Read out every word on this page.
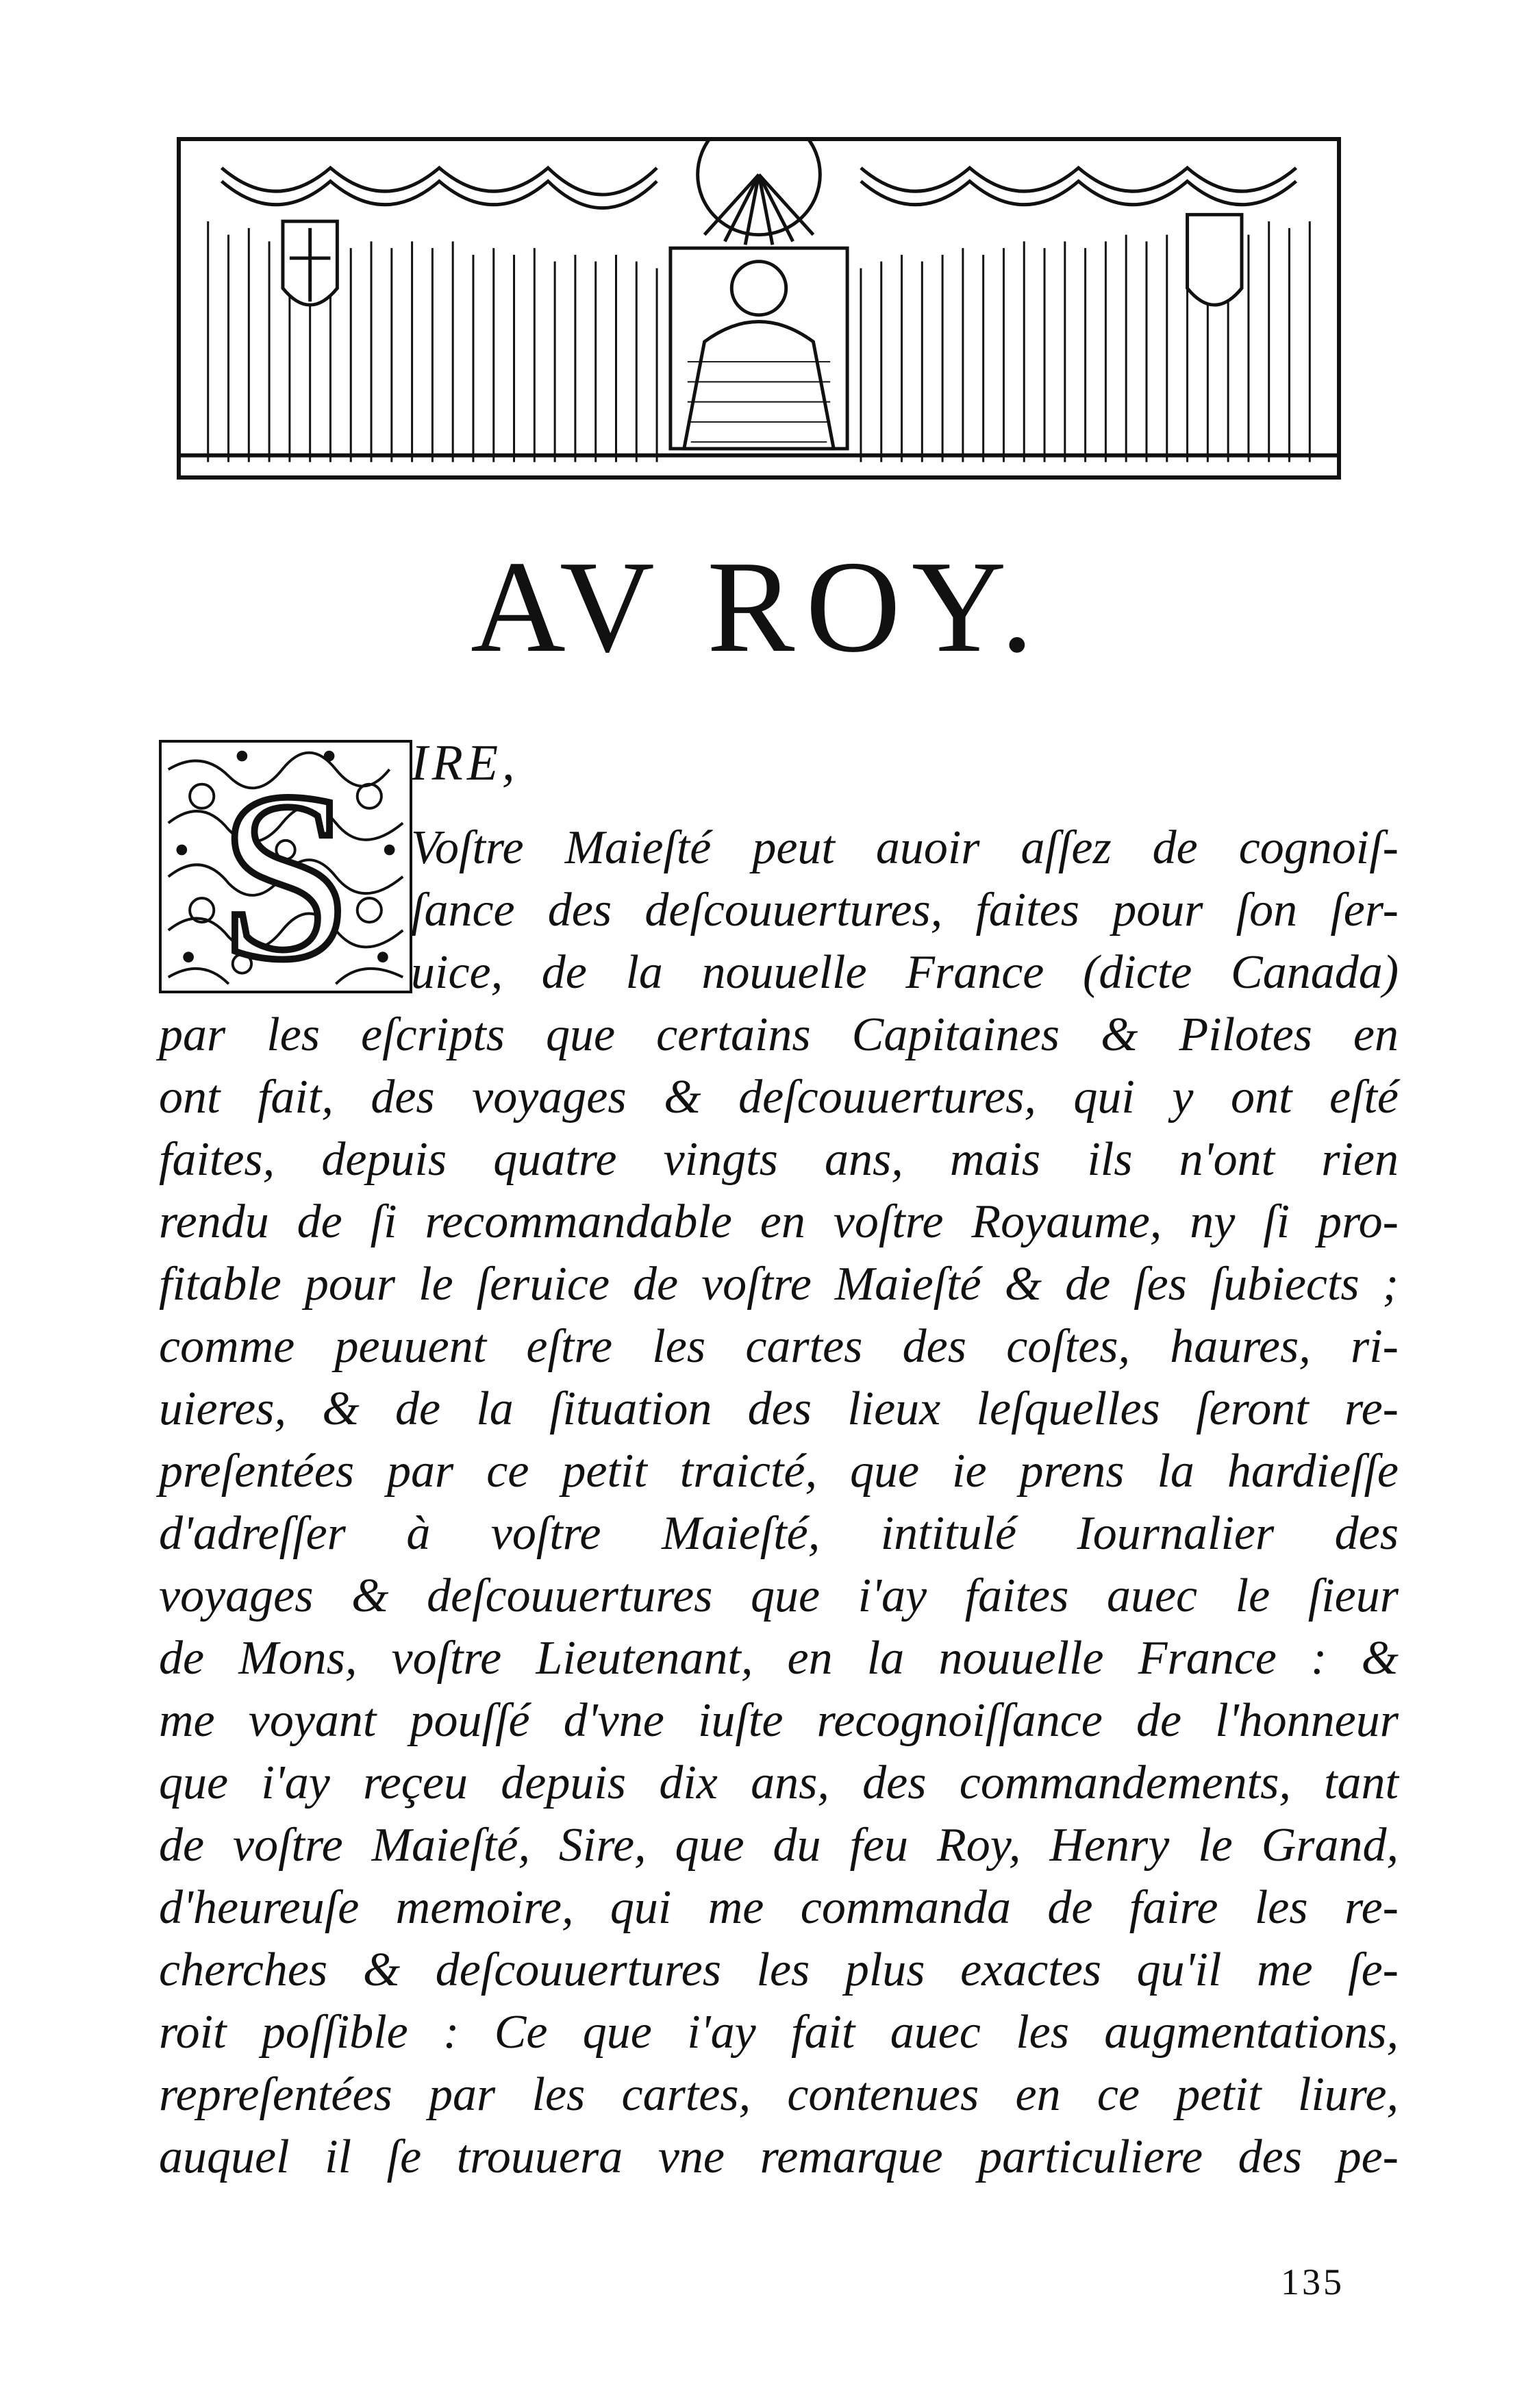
AV ROY.
S IRE,
Voſtre Maieſté peut auoir aſſez de cognoiſ-
ſance des deſcouuertures, faites pour ſon ſer-
uice, de la nouuelle France (dicte Canada)
par les eſcripts que certains Capitaines & Pilotes en
ont fait, des voyages & deſcouuertures, qui y ont eſté
faites, depuis quatre vingts ans, mais ils n'ont rien
rendu de ſi recommandable en voſtre Royaume, ny ſi pro-
fitable pour le ſeruice de voſtre Maieſté & de ſes ſubiects ;
comme peuuent eſtre les cartes des coſtes, haures, ri-
uieres, & de la ſituation des lieux leſquelles ſeront re-
preſentées par ce petit traicté, que ie prens la hardieſſe
d'adreſſer à voſtre Maieſté, intitulé Iournalier des
voyages & deſcouuertures que i'ay faites auec le ſieur
de Mons, voſtre Lieutenant, en la nouuelle France : &
me voyant pouſſé d'vne iuſte recognoiſſance de l'honneur
que i'ay reçeu depuis dix ans, des commandements, tant
de voſtre Maieſté, Sire, que du feu Roy, Henry le Grand,
d'heureuſe memoire, qui me commanda de faire les re-
cherches & deſcouuertures les plus exactes qu'il me ſe-
roit poſſible : Ce que i'ay fait auec les augmentations,
repreſentées par les cartes, contenues en ce petit liure,
auquel il ſe trouuera vne remarque particuliere des pe-
135
